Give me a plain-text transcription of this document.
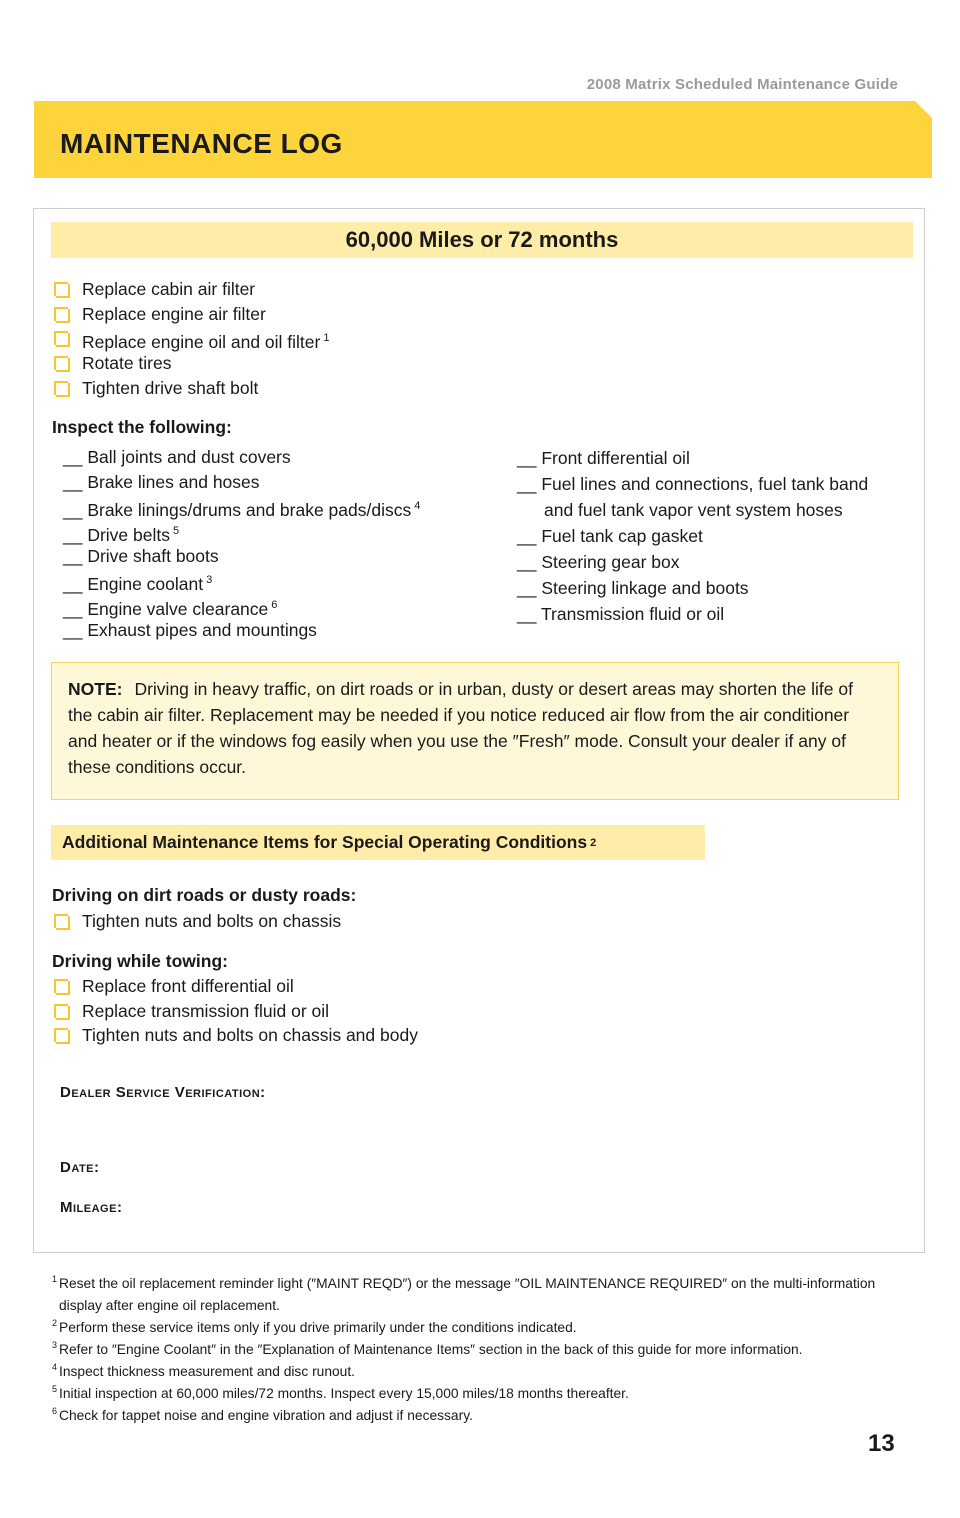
2008 Matrix Scheduled Maintenance Guide
MAINTENANCE LOG
60,000 Miles or 72 months
Replace cabin air filter
Replace engine air filter
Replace engine oil and oil filter $^1$
Rotate tires
Tighten drive shaft bolt
Inspect the following:
__ Ball joints and dust covers
__ Brake lines and hoses
__ Brake linings/drums and brake pads/discs $^4$
__ Drive belts $^5$
__ Drive shaft boots
__ Engine coolant $^3$
__ Engine valve clearance $^6$
__ Exhaust pipes and mountings
__ Front differential oil
__ Fuel lines and connections, fuel tank band
and fuel tank vapor vent system hoses
__ Fuel tank cap gasket
__ Steering gear box
__ Steering linkage and boots
__ Transmission fluid or oil
NOTE: Driving in heavy traffic, on dirt roads or in urban, dusty or desert areas may shorten the life of the cabin air filter. Replacement may be needed if you notice reduced air flow from the air conditioner and heater or if the windows fog easily when you use the ″Fresh″ mode. Consult your dealer if any of these conditions occur.
Additional Maintenance Items for Special Operating Conditions 2
Driving on dirt roads or dusty roads:
Tighten nuts and bolts on chassis
Driving while towing:
Replace front differential oil
Replace transmission fluid or oil
Tighten nuts and bolts on chassis and body
Dealer Service Verification:
Date:
Mileage:
1 Reset the oil replacement reminder light (″MAINT REQD″) or the message ″OIL MAINTENANCE REQUIRED″ on the multi-information display after engine oil replacement.
2 Perform these service items only if you drive primarily under the conditions indicated.
3 Refer to ″Engine Coolant″ in the ″Explanation of Maintenance Items″ section in the back of this guide for more information.
4 Inspect thickness measurement and disc runout.
5 Initial inspection at 60,000 miles/72 months. Inspect every 15,000 miles/18 months thereafter.
6 Check for tappet noise and engine vibration and adjust if necessary.
13
